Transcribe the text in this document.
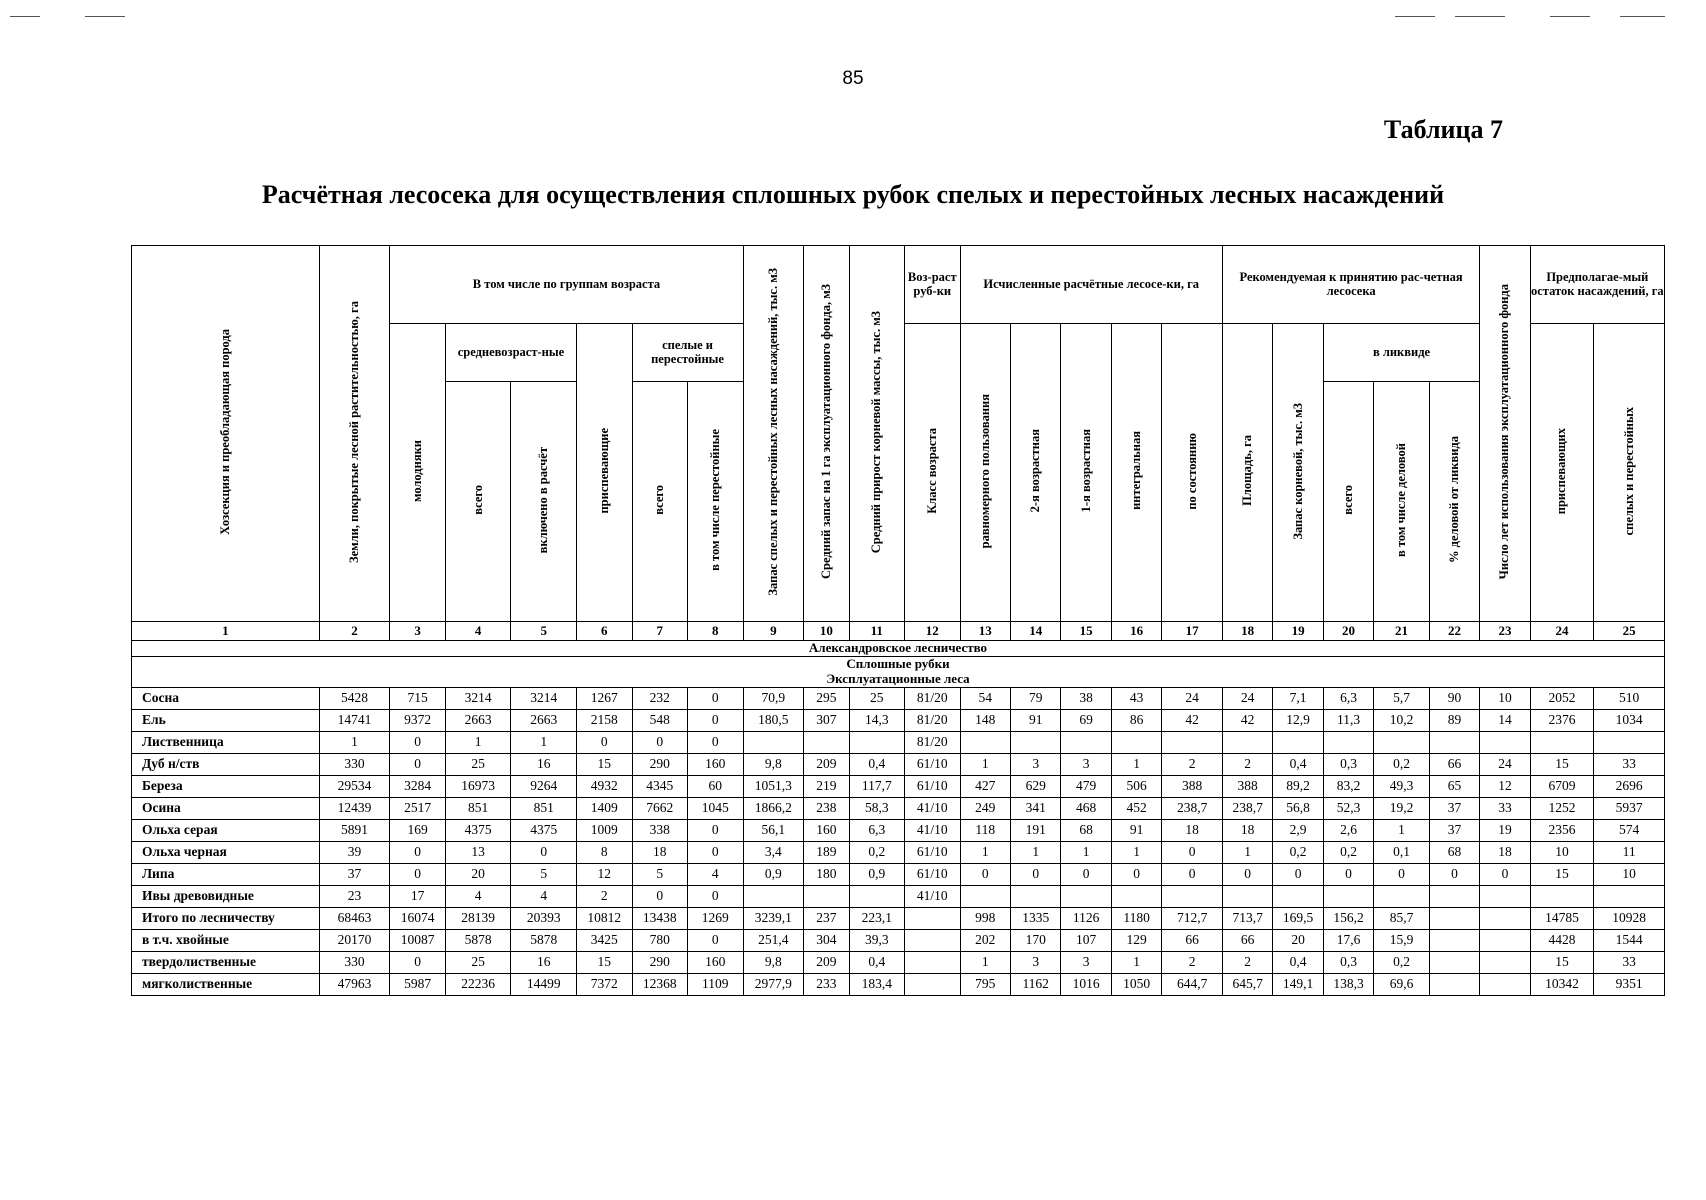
85
Таблица 7
Расчётная лесосека для осуществления сплошных рубок спелых и перестойных лесных насаждений
Хозсекция и преобладающая порода	Земли, покрытые лесной растительностью, га	В том числе по группам возраста						Запас спелых и перестойных лесных насаждений, тыс. м3	Средний запас на 1 га эксплуатационного фонда, м3	Средний прирост корневой массы, тыс. м3	Воз-раст руб-ки	Исчисленные расчётные лесосе-ки, га					Рекомендуемая к принятию рас-четная лесосека					Число лет использования эксплуатационного фонда	Предполагае-мый остаток насаждений, га	
		молодняки	средневозраст-ные		приспевающие	спелые и перестойные					Класс возраста	равномерного пользования	2-я возрастная	1-я возрастная	интегральная	по состоянию	Площадь, га	Запас корневой, тыс. м3	в ликвиде				приспевающих	спелых и перестойных
			всего	включено в расчёт		всего	в том числе перестойные												всего	в том числе деловой	% деловой от ликвида			
1	2	3	4	5	6	7	8	9	10	11	12	13	14	15	16	17	18	19	20	21	22	23	24	25
Александровское лесничество																								

Сплошные рубки
Эксплуатационные леса																								

Сосна	5428	715	3214	3214	1267	232	0	70,9	295	25	81/20	54	79	38	43	24	24	7,1	6,3	5,7	90	10	2052	510
Ель	14741	9372	2663	2663	2158	548	0	180,5	307	14,3	81/20	148	91	69	86	42	42	12,9	11,3	10,2	89	14	2376	1034
Лиственница	1	0	1	1	0	0	0				81/20													
Дуб н/ств	330	0	25	16	15	290	160	9,8	209	0,4	61/10	1	3	3	1	2	2	0,4	0,3	0,2	66	24	15	33
Береза	29534	3284	16973	9264	4932	4345	60	1051,3	219	117,7	61/10	427	629	479	506	388	388	89,2	83,2	49,3	65	12	6709	2696
Осина	12439	2517	851	851	1409	7662	1045	1866,2	238	58,3	41/10	249	341	468	452	238,7	238,7	56,8	52,3	19,2	37	33	1252	5937
Ольха серая	5891	169	4375	4375	1009	338	0	56,1	160	6,3	41/10	118	191	68	91	18	18	2,9	2,6	1	37	19	2356	574
Ольха черная	39	0	13	0	8	18	0	3,4	189	0,2	61/10	1	1	1	1	0	1	0,2	0,2	0,1	68	18	10	11
Липа	37	0	20	5	12	5	4	0,9	180	0,9	61/10	0	0	0	0	0	0	0	0	0	0	0	15	10
Ивы древовидные	23	17	4	4	2	0	0				41/10													
Итого по лесничеству	68463	16074	28139	20393	10812	13438	1269	3239,1	237	223,1		998	1335	1126	1180	712,7	713,7	169,5	156,2	85,7			14785	10928
в т.ч. хвойные	20170	10087	5878	5878	3425	780	0	251,4	304	39,3		202	170	107	129	66	66	20	17,6	15,9			4428	1544
твердолиственные	330	0	25	16	15	290	160	9,8	209	0,4		1	3	3	1	2	2	0,4	0,3	0,2			15	33
мягколиственные	47963	5987	22236	14499	7372	12368	1109	2977,9	233	183,4		795	1162	1016	1050	644,7	645,7	149,1	138,3	69,6			10342	9351
